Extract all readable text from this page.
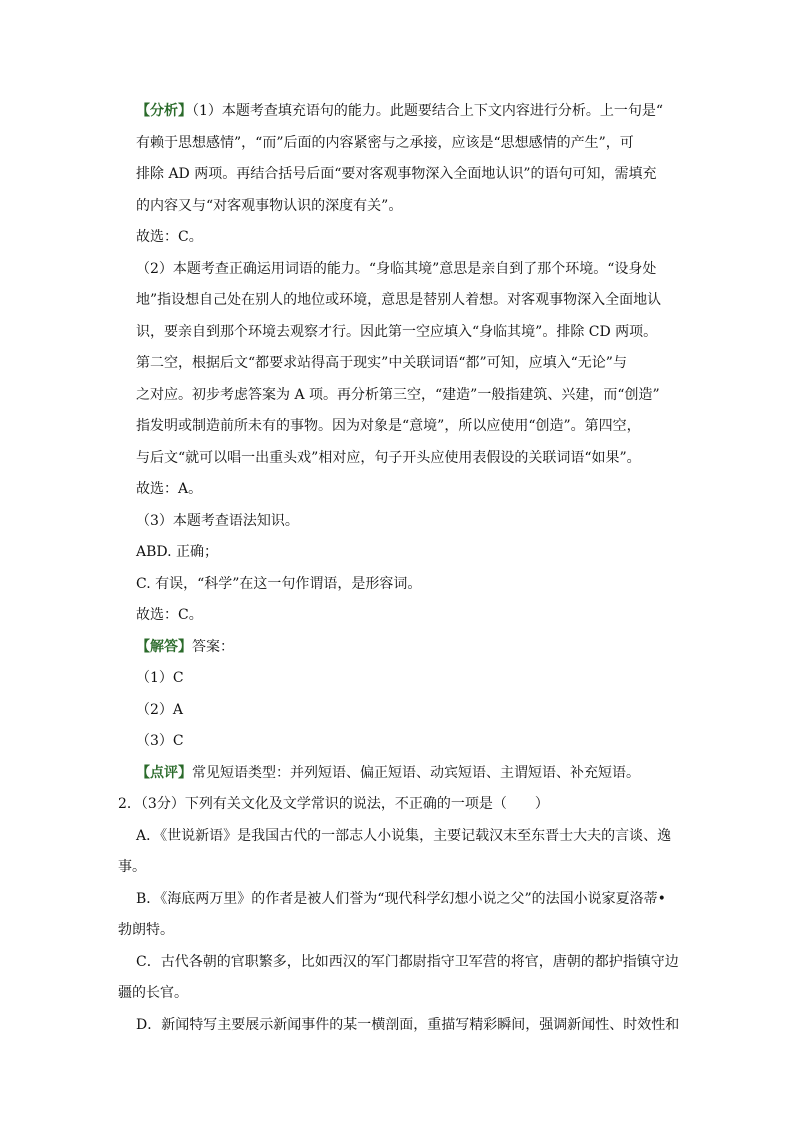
【分析】（1）本题考查填充语句的能力。此题要结合上下文内容进行分析。上一句是“
有赖于思想感情”，“而”后面的内容紧密与之承接，应该是“思想感情的产生”，可
排除 AD 两项。再结合括号后面“要对客观事物深入全面地认识”的语句可知，需填充
的内容又与“对客观事物认识的深度有关”。
故选：C。
（2）本题考查正确运用词语的能力。“身临其境”意思是亲自到了那个环境。“设身处
地”指设想自己处在别人的地位或环境，意思是替别人着想。对客观事物深入全面地认
识，要亲自到那个环境去观察才行。因此第一空应填入“身临其境”。排除 CD 两项。
第二空，根据后文“都要求站得高于现实”中关联词语“都”可知，应填入“无论”与
之对应。初步考虑答案为 A 项。再分析第三空，“建造”一般指建筑、兴建，而“创造”
指发明或制造前所未有的事物。因为对象是“意境”，所以应使用“创造”。第四空，
与后文“就可以唱一出重头戏”相对应，句子开头应使用表假设的关联词语“如果”。
故选：A。
（3）本题考查语法知识。
ABD. 正确；
C. 有误，“科学”在这一句作谓语，是形容词。
故选：C。
【解答】答案：
（1）C
（2）A
（3）C
【点评】常见短语类型：并列短语、偏正短语、动宾短语、主谓短语、补充短语。
2．（3分）下列有关文化及文学常识的说法，不正确的一项是（　　）
A．《世说新语》是我国古代的一部志人小说集，主要记载汉末至东晋士大夫的言谈、逸
事。
B．《海底两万里》的作者是被人们誉为“现代科学幻想小说之父”的法国小说家夏洛蒂•
勃朗特。
C．古代各朝的官职繁多，比如西汉的军门都尉指守卫军营的将官，唐朝的都护指镇守边
疆的长官。
D．新闻特写主要展示新闻事件的某一横剖面，重描写精彩瞬间，强调新闻性、时效性和
